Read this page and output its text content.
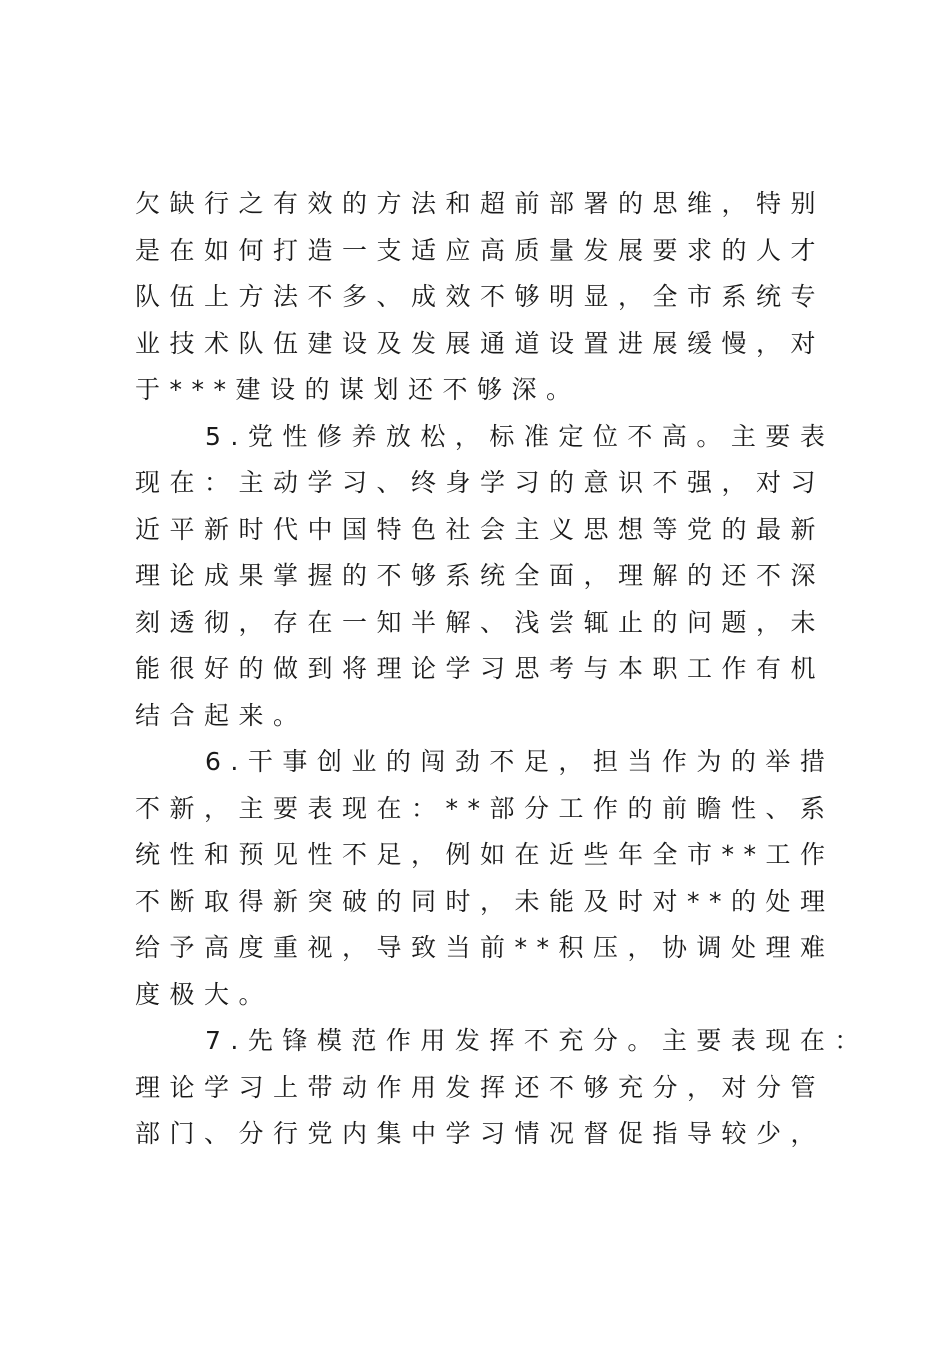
欠缺行之有效的方法和超前部署的思维，特别
是在如何打造一支适应高质量发展要求的人才
队伍上方法不多、成效不够明显，全市系统专
业技术队伍建设及发展通道设置进展缓慢，对
于***建设的谋划还不够深。
5.党性修养放松，标准定位不高。主要表
现在：主动学习、终身学习的意识不强，对习
近平新时代中国特色社会主义思想等党的最新
理论成果掌握的不够系统全面，理解的还不深
刻透彻，存在一知半解、浅尝辄止的问题，未
能很好的做到将理论学习思考与本职工作有机
结合起来。
6.干事创业的闯劲不足，担当作为的举措
不新，主要表现在：**部分工作的前瞻性、系
统性和预见性不足，例如在近些年全市**工作
不断取得新突破的同时，未能及时对**的处理
给予高度重视，导致当前**积压，协调处理难
度极大。
7.先锋模范作用发挥不充分。主要表现在：
理论学习上带动作用发挥还不够充分，对分管
部门、分行党内集中学习情况督促指导较少，
